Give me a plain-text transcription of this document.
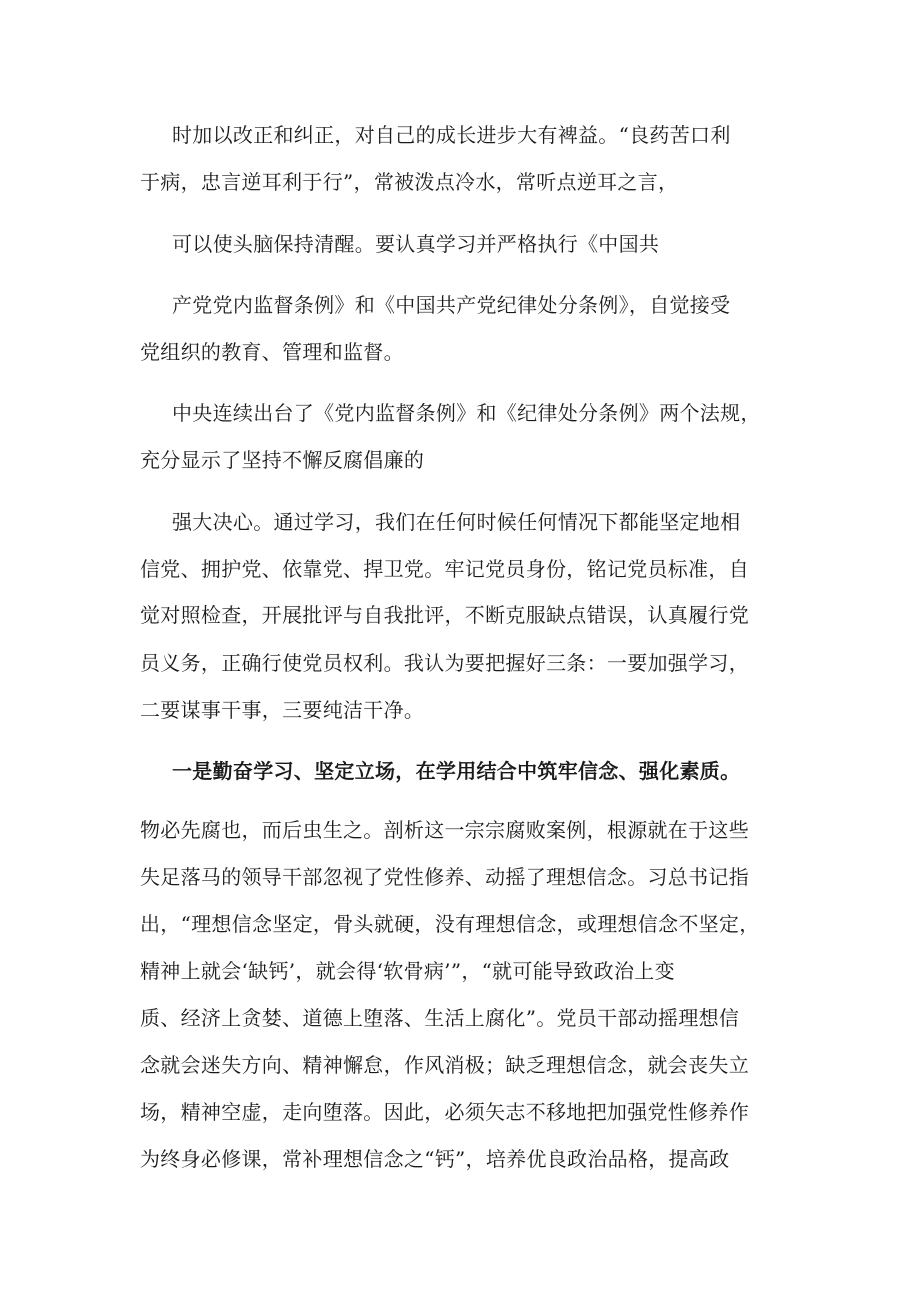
时加以改正和纠正，对自己的成长进步大有裨益。“良药苦口利
于病，忠言逆耳利于行”，常被泼点冷水，常听点逆耳之言，
可以使头脑保持清醒。要认真学习并严格执行《中国共
产党党内监督条例》和《中国共产党纪律处分条例》，自觉接受
党组织的教育、管理和监督。
中央连续出台了《党内监督条例》和《纪律处分条例》两个法规，
充分显示了坚持不懈反腐倡廉的
强大决心。通过学习，我们在任何时候任何情况下都能坚定地相
信党、拥护党、依靠党、捍卫党。牢记党员身份，铭记党员标准，自
觉对照检查，开展批评与自我批评，不断克服缺点错误，认真履行党
员义务，正确行使党员权利。我认为要把握好三条：一要加强学习，
二要谋事干事，三要纯洁干净。
一是勤奋学习、坚定立场，在学用结合中筑牢信念、强化素质。
物必先腐也，而后虫生之。剖析这一宗宗腐败案例，根源就在于这些
失足落马的领导干部忽视了党性修养、动摇了理想信念。习总书记指
出，“理想信念坚定，骨头就硬，没有理想信念，或理想信念不坚定，
精神上就会‘缺钙’，就会得‘软骨病’”，“就可能导致政治上变
质、经济上贪婪、道德上堕落、生活上腐化”。党员干部动摇理想信
念就会迷失方向、精神懈怠，作风消极；缺乏理想信念，就会丧失立
场，精神空虚，走向堕落。因此，必须矢志不移地把加强党性修养作
为终身必修课，常补理想信念之“钙”，培养优良政治品格，提高政
